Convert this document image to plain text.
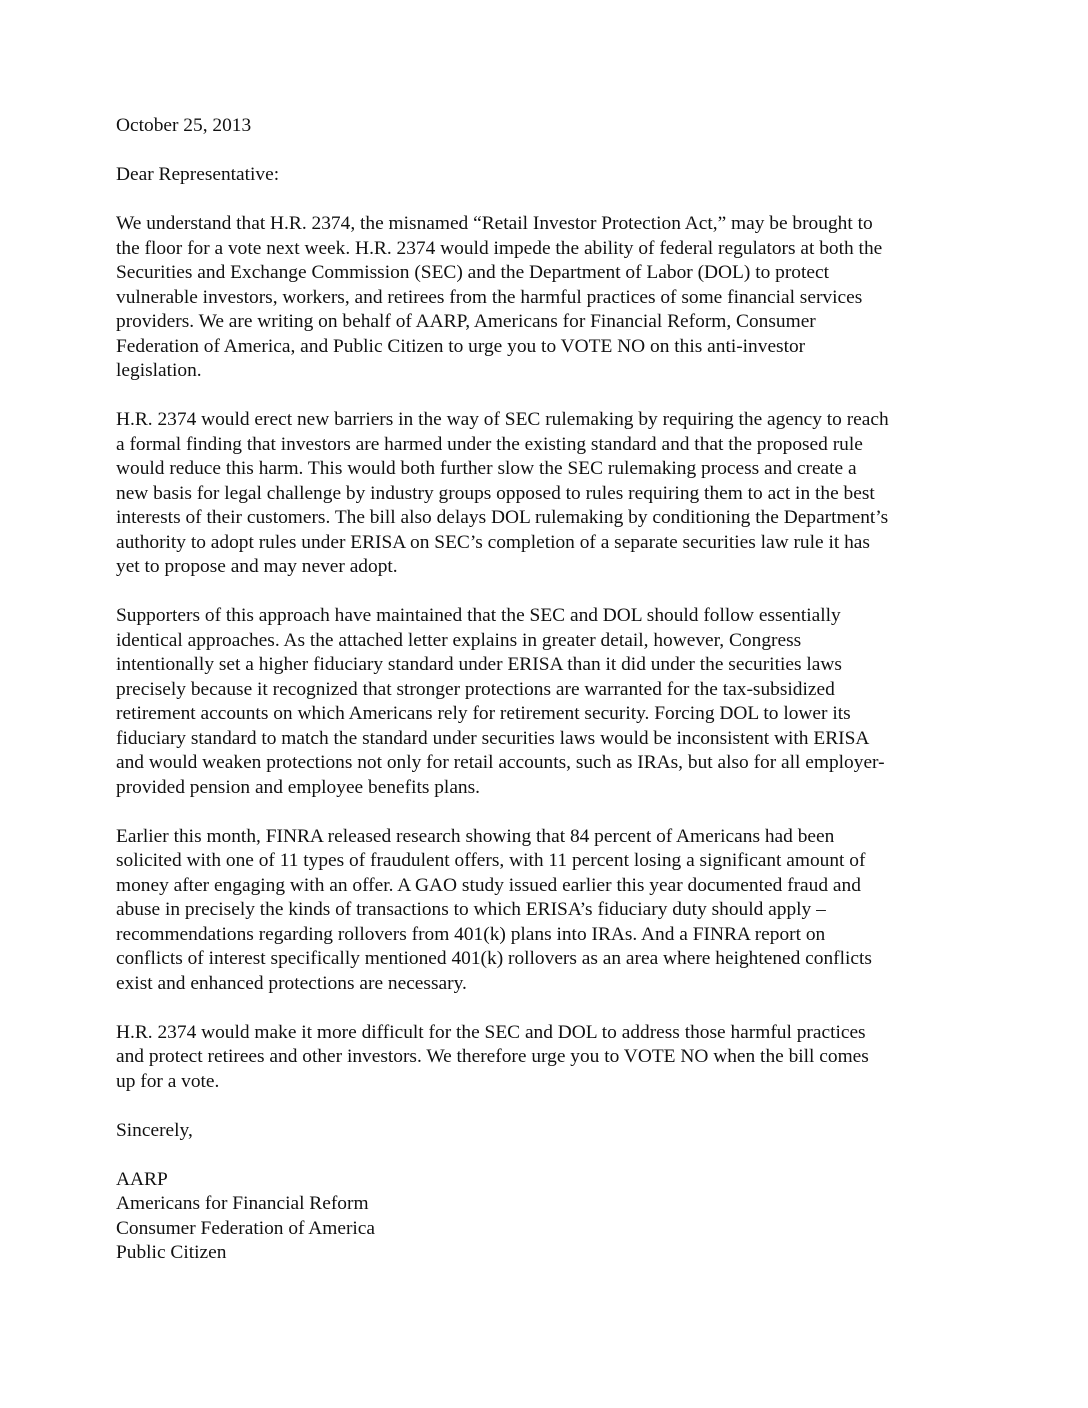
October 25, 2013
Dear Representative:
We understand that H.R. 2374, the misnamed “Retail Investor Protection Act,” may be brought to
the floor for a vote next week. H.R. 2374 would impede the ability of federal regulators at both the
Securities and Exchange Commission (SEC) and the Department of Labor (DOL) to protect
vulnerable investors, workers, and retirees from the harmful practices of some financial services
providers. We are writing on behalf of AARP, Americans for Financial Reform, Consumer
Federation of America, and Public Citizen to urge you to VOTE NO on this anti-investor
legislation.
H.R. 2374 would erect new barriers in the way of SEC rulemaking by requiring the agency to reach
a formal finding that investors are harmed under the existing standard and that the proposed rule
would reduce this harm. This would both further slow the SEC rulemaking process and create a
new basis for legal challenge by industry groups opposed to rules requiring them to act in the best
interests of their customers. The bill also delays DOL rulemaking by conditioning the Department’s
authority to adopt rules under ERISA on SEC’s completion of a separate securities law rule it has
yet to propose and may never adopt.
Supporters of this approach have maintained that the SEC and DOL should follow essentially
identical approaches. As the attached letter explains in greater detail, however, Congress
intentionally set a higher fiduciary standard under ERISA than it did under the securities laws
precisely because it recognized that stronger protections are warranted for the tax-subsidized
retirement accounts on which Americans rely for retirement security. Forcing DOL to lower its
fiduciary standard to match the standard under securities laws would be inconsistent with ERISA
and would weaken protections not only for retail accounts, such as IRAs, but also for all employer-
provided pension and employee benefits plans.
Earlier this month, FINRA released research showing that 84 percent of Americans had been
solicited with one of 11 types of fraudulent offers, with 11 percent losing a significant amount of
money after engaging with an offer. A GAO study issued earlier this year documented fraud and
abuse in precisely the kinds of transactions to which ERISA’s fiduciary duty should apply –
recommendations regarding rollovers from 401(k) plans into IRAs. And a FINRA report on
conflicts of interest specifically mentioned 401(k) rollovers as an area where heightened conflicts
exist and enhanced protections are necessary.
H.R. 2374 would make it more difficult for the SEC and DOL to address those harmful practices
and protect retirees and other investors. We therefore urge you to VOTE NO when the bill comes
up for a vote.
Sincerely,
AARP
Americans for Financial Reform
Consumer Federation of America
Public Citizen
